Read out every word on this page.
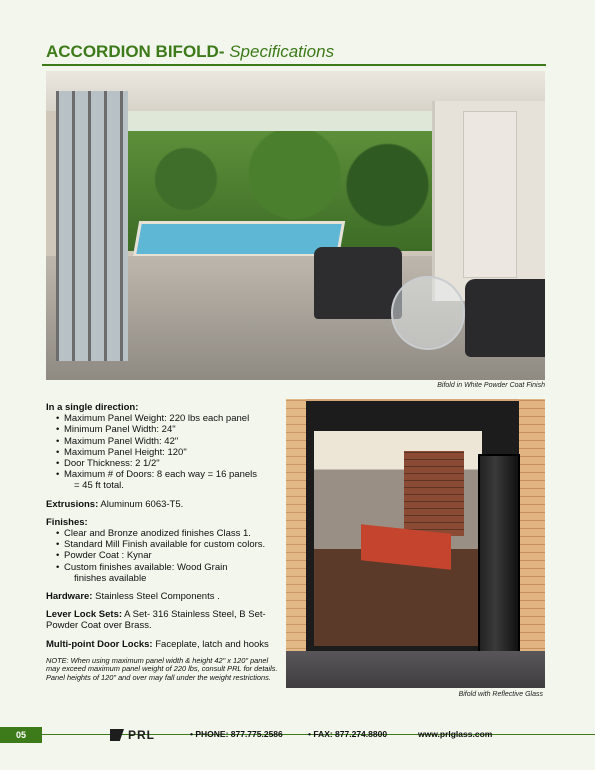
ACCORDION BIFOLD- Specifications
Bifold in White Powder Coat Finish

In a single direction:

• Maximum Panel Weight: 220 lbs each panel
• Minimum Panel Width: 24"
• Maximum Panel Width: 42"
• Maximum Panel Height: 120"
• Door Thickness: 2 1/2"
• Maximum # of Doors: 8 each way = 16 panels

= 45 ft total.

Extrusions: Aluminum 6063-T5.

Finishes:

• Clear and Bronze anodized finishes Class 1.
• Standard Mill Finish available for custom colors.
• Powder Coat : Kynar
• Custom finishes available: Wood Grain

finishes available

Hardware: Stainless Steel Components .

Lever Lock Sets: A Set- 316 Stainless Steel, B Set- Powder Coat over Brass.

Multi-point Door Locks: Faceplate, latch and hooks

NOTE: When using maximum panel width & height 42" x 120" panel may exceed maximum panel weight of 220 lbs, consult PRL for details. Panel heights of 120" and over may fall under the weight restrictions.

Bifold with Reflective Glass
05	PRL	• PHONE: 877.775.2586	• FAX: 877.274.8800	www.prlglass.com
